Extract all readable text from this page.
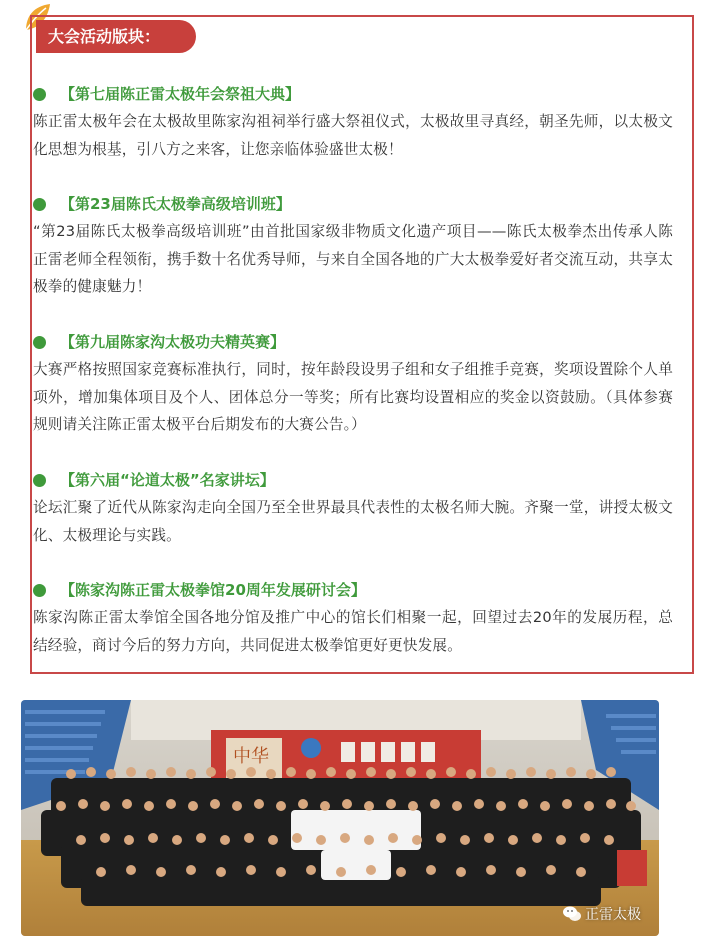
大会活动版块：
【第七届陈正雷太极年会祭祖大典】
陈正雷太极年会在太极故里陈家沟祖祠举行盛大祭祖仪式，太极故里寻真经，朝圣先师，以太极文化思想为根基，引八方之来客，让您亲临体验盛世太极！
【第23届陈氏太极拳高级培训班】
“第23届陈氏太极拳高级培训班”由首批国家级非物质文化遗产项目——陈氏太极拳杰出传承人陈正雷老师全程领衔，携手数十名优秀导师，与来自全国各地的广大太极拳爱好者交流互动，共享太极拳的健康魅力！
【第九届陈家沟太极功夫精英赛】
大赛严格按照国家竞赛标准执行，同时，按年龄段设男子组和女子组推手竞赛，奖项设置除个人单项外，增加集体项目及个人、团体总分一等奖；所有比赛均设置相应的奖金以资鼓励。（具体参赛规则请关注陈正雷太极平台后期发布的大赛公告。）
【第六届“论道太极”名家讲坛】
论坛汇聚了近代从陈家沟走向全国乃至全世界最具代表性的太极名师大腕。齐聚一堂，讲授太极文化、太极理论与实践。
【陈家沟陈正雷太极拳馆20周年发展研讨会】
陈家沟陈正雷太拳馆全国各地分馆及推广中心的馆长们相聚一起，回望过去20年的发展历程，总结经验，商讨今后的努力方向，共同促进太极拳馆更好更快发展。
中华
正雷太极
